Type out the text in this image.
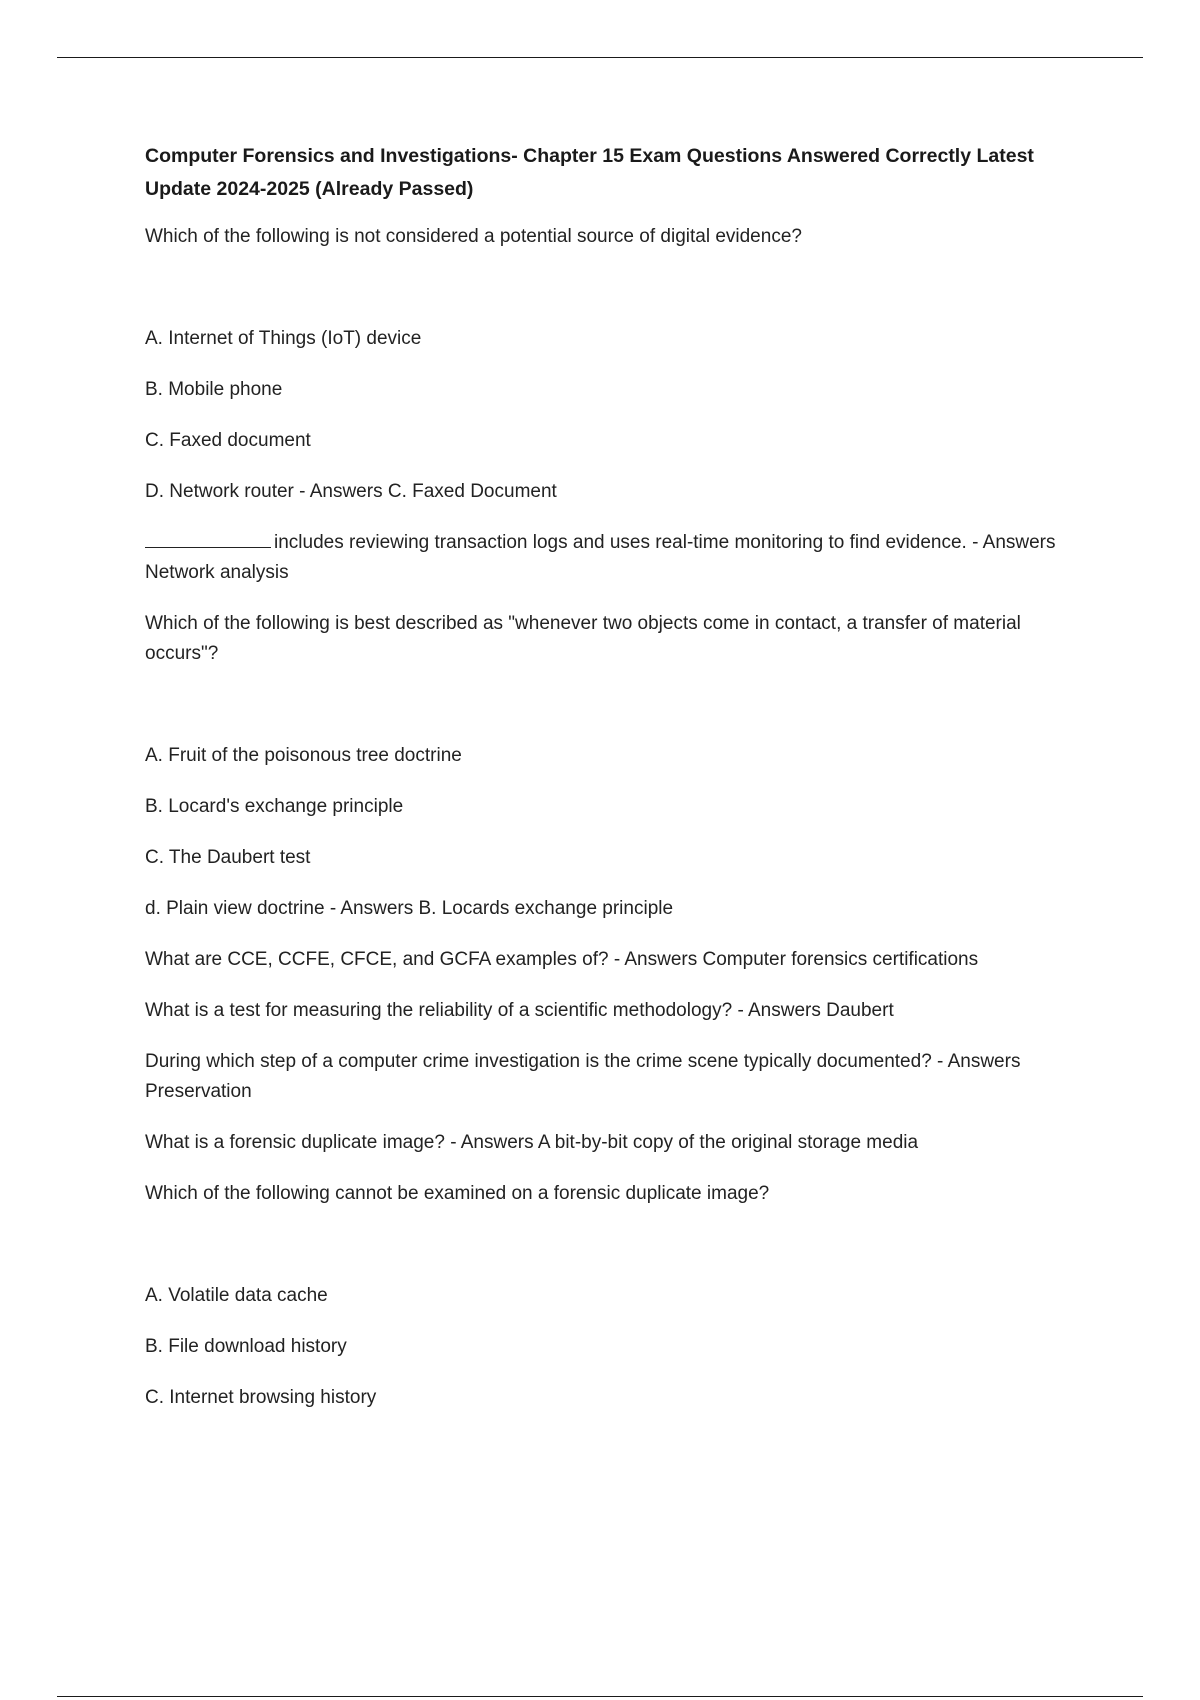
Computer Forensics and Investigations- Chapter 15 Exam Questions Answered Correctly Latest Update 2024-2025 (Already Passed)

Which of the following is not considered a potential source of digital evidence?

A. Internet of Things (IoT) device

B. Mobile phone

C. Faxed document

D. Network router - Answers C. Faxed Document

includes reviewing transaction logs and uses real-time monitoring to find evidence. - Answers Network analysis

Which of the following is best described as "whenever two objects come in contact, a transfer of material occurs"?

A. Fruit of the poisonous tree doctrine

B. Locard's exchange principle

C. The Daubert test

d. Plain view doctrine - Answers B. Locards exchange principle

What are CCE, CCFE, CFCE, and GCFA examples of? - Answers Computer forensics certifications

What is a test for measuring the reliability of a scientific methodology? - Answers Daubert

During which step of a computer crime investigation is the crime scene typically documented? - Answers Preservation

What is a forensic duplicate image? - Answers A bit-by-bit copy of the original storage media

Which of the following cannot be examined on a forensic duplicate image?

A. Volatile data cache

B. File download history

C. Internet browsing history
